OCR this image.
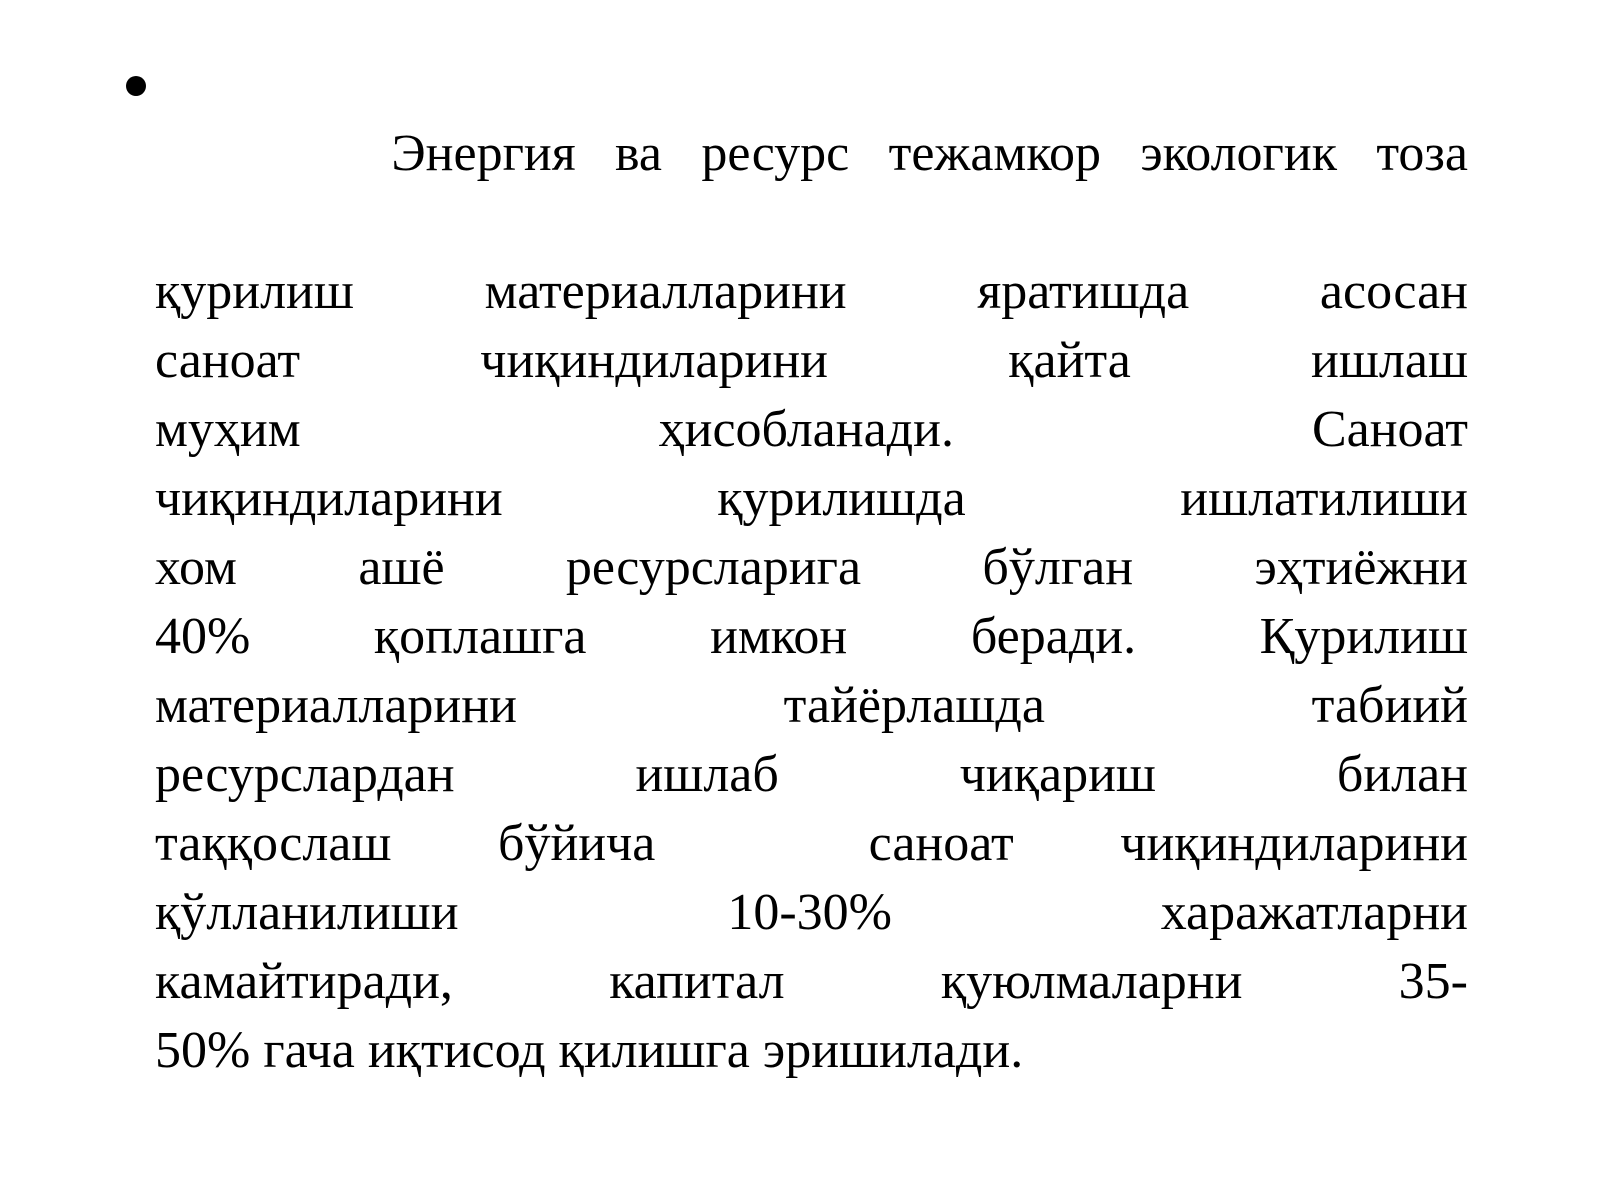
Энергия ва ресурс тежамкор экологик тоза

қурилиш материалларини яратишда асосан
саноат чиқиндиларини қайта ишлаш
муҳим ҳисобланади. Саноат
чиқиндиларини қурилишда ишлатилиши
хом ашё ресурсларига бўлган эҳтиёжни
40% қоплашга имкон беради. Қурилиш
материалларини тайёрлашда табиий
ресурслардан ишлаб чиқариш билан
таққослаш бўйича  саноат чиқиндиларини
қўлланилиши 10-30% харажатларни
камайтиради, капитал қуюлмаларни 35-
50% гача иқтисод қилишга эришилади.
